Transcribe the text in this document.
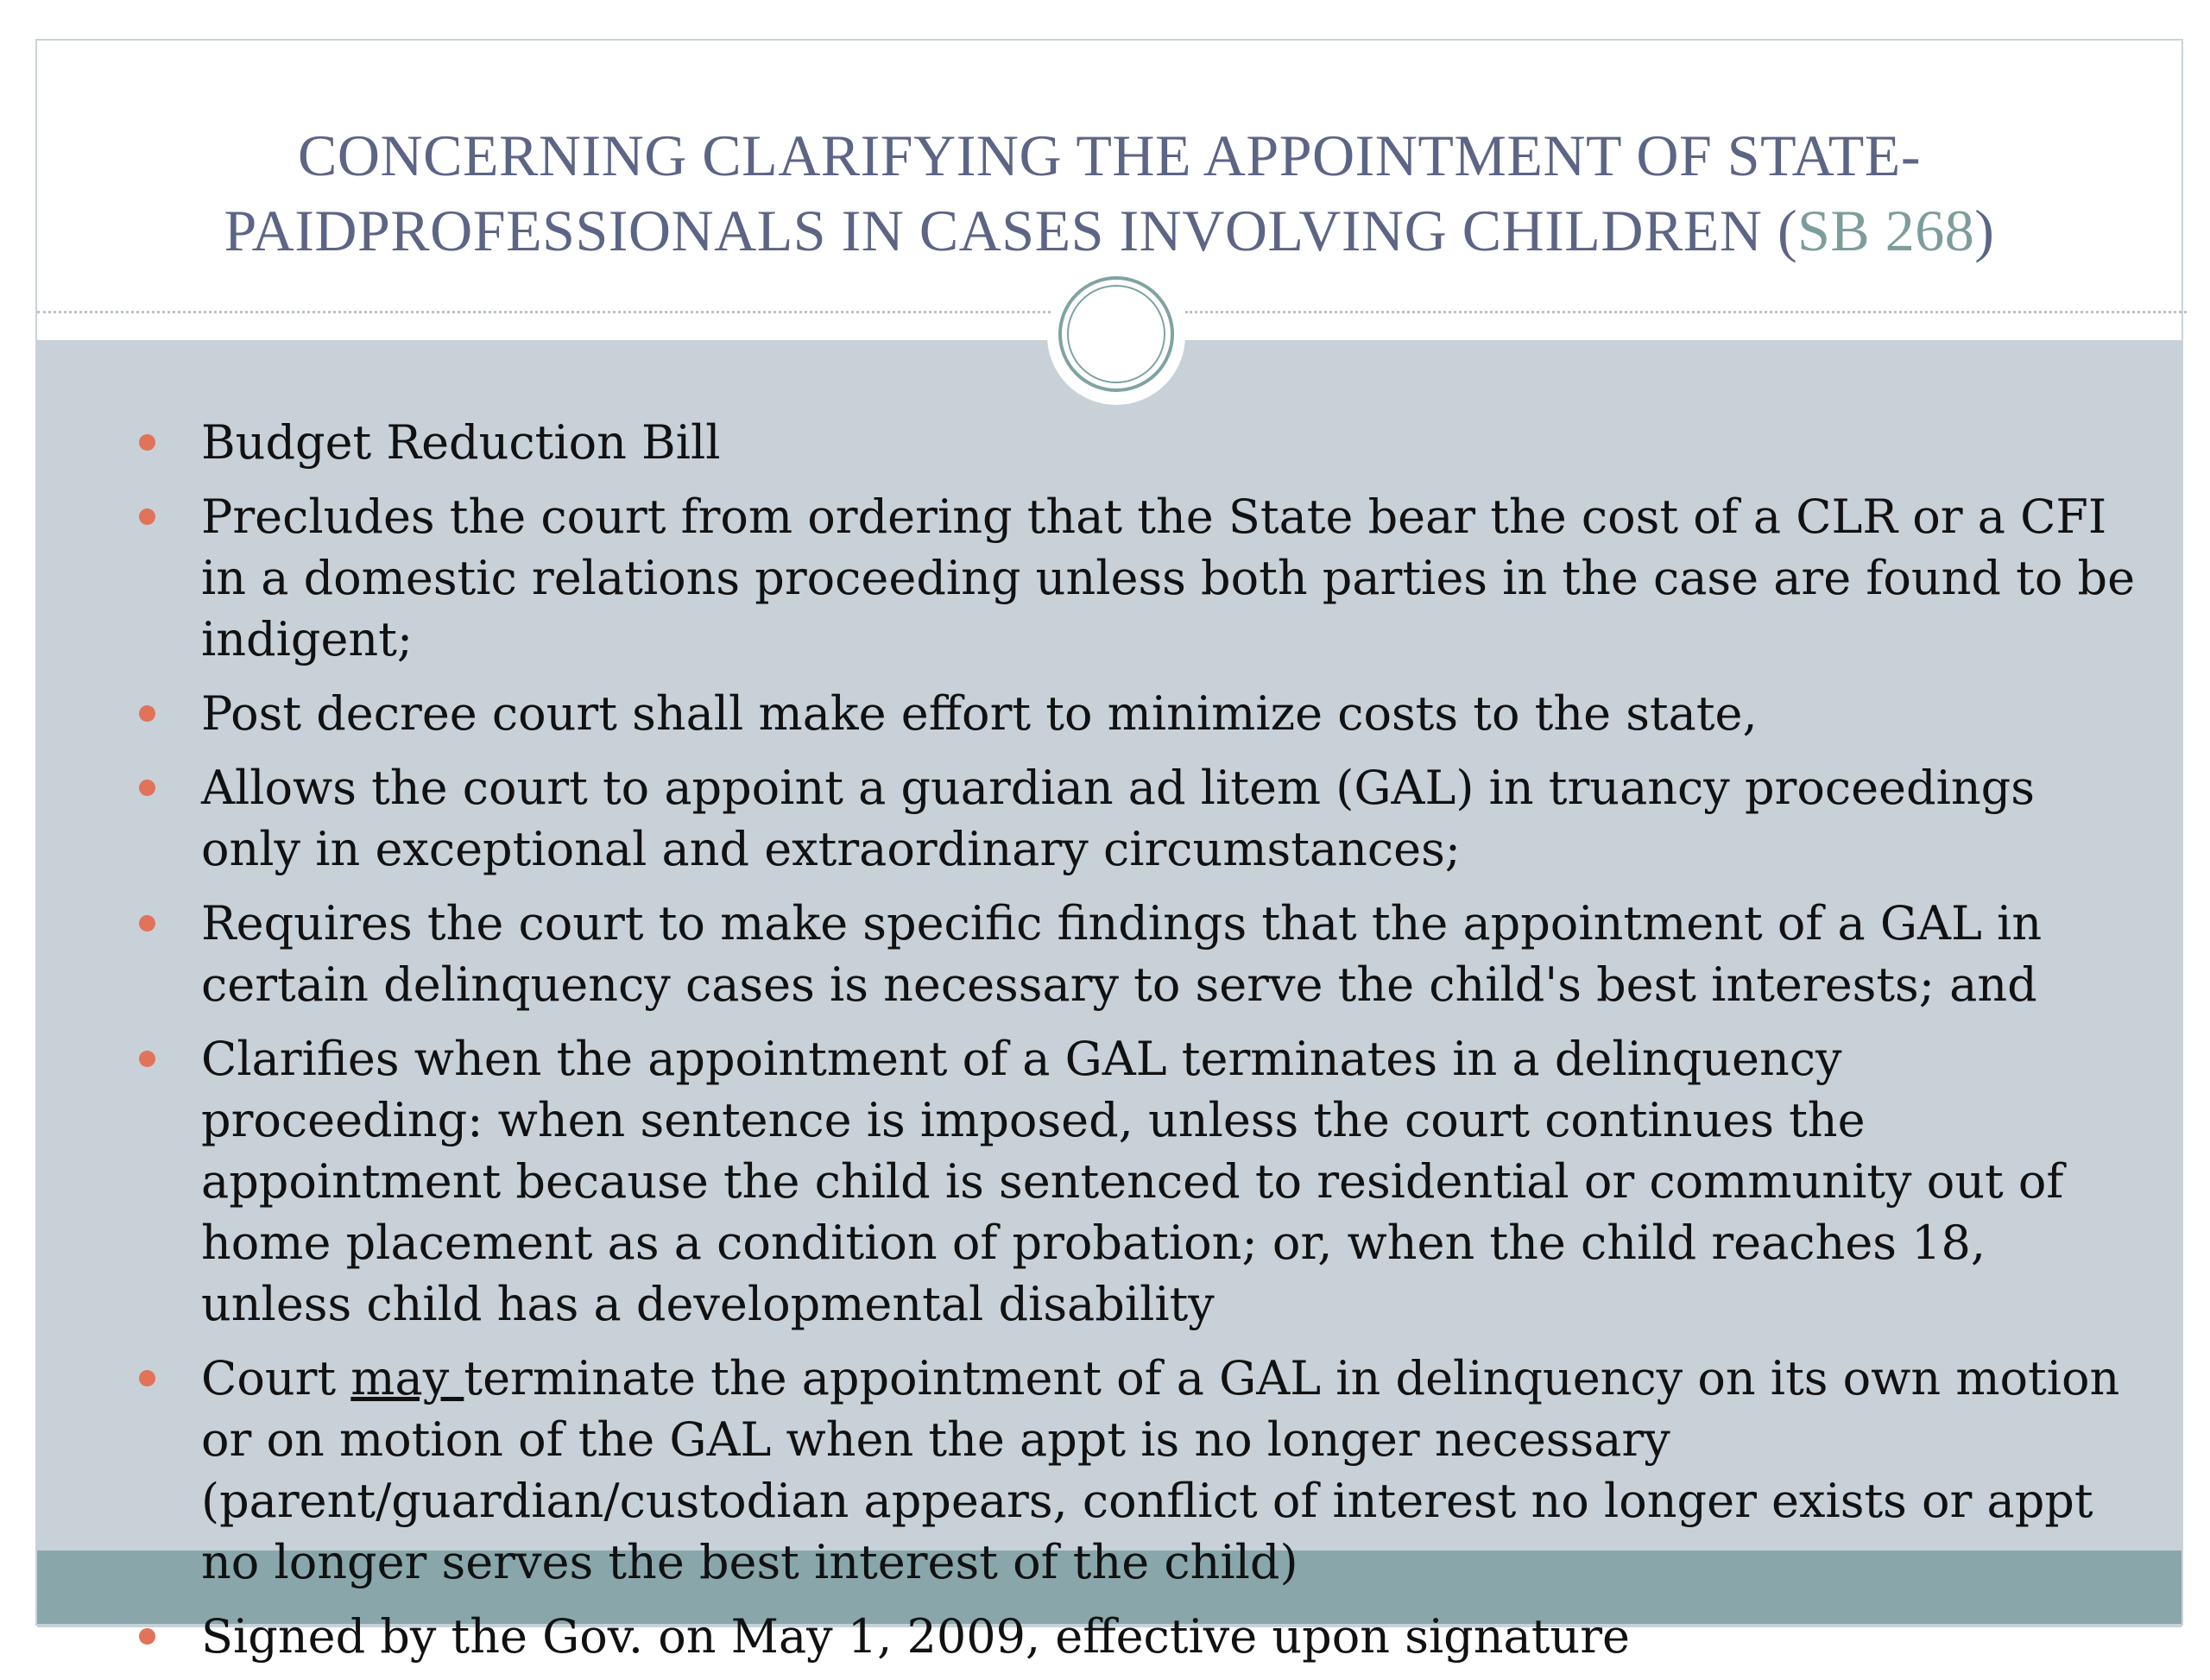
CONCERNING CLARIFYING THE APPOINTMENT OF STATE-PAIDPROFESSIONALS IN CASES INVOLVING CHILDREN (SB 268)
Budget Reduction Bill
Precludes the court from ordering that the State bear the cost of a CLR or a CFI in a domestic relations proceeding unless both parties in the case are found to be indigent;
Post decree court shall make effort to minimize costs to the state,
Allows the court to appoint a guardian ad litem (GAL) in truancy proceedings only in exceptional and extraordinary circumstances;
Requires the court to make specific findings that the appointment of a GAL in certain delinquency cases is necessary to serve the child's best interests; and
Clarifies when the appointment of a GAL terminates in a delinquency proceeding: when sentence is imposed, unless the court continues the appointment because the child is sentenced to residential or community out of home placement as a condition of probation; or, when the child reaches 18, unless child has a developmental disability
Court may terminate the appointment of a GAL in delinquency on its own motion or on motion of the GAL when the appt is no longer necessary (parent/guardian/custodian appears, conflict of interest no longer exists or appt no longer serves the best interest of the child)
Signed by the Gov. on May 1, 2009, effective upon signature
